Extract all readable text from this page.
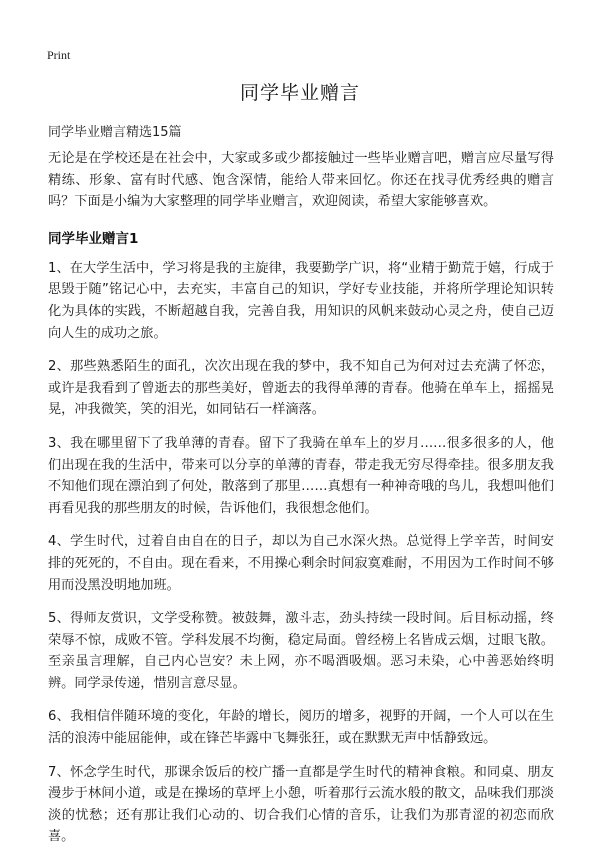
Print
同学毕业赠言
同学毕业赠言精选15篇

无论是在学校还是在社会中，大家或多或少都接触过一些毕业赠言吧，赠言应尽量写得精练、形象、富有时代感、饱含深情，能给人带来回忆。你还在找寻优秀经典的赠言吗？下面是小编为大家整理的同学毕业赠言，欢迎阅读，希望大家能够喜欢。

同学毕业赠言1

1、在大学生活中，学习将是我的主旋律，我要勤学广识，将“业精于勤荒于嬉，行成于思毁于随”铭记心中，去充实，丰富自己的知识，学好专业技能，并将所学理论知识转化为具体的实践，不断超越自我，完善自我，用知识的风帆来鼓动心灵之舟，使自己迈向人生的成功之旅。

2、那些熟悉陌生的面孔，次次出现在我的梦中，我不知自己为何对过去充满了怀恋，或许是我看到了曾逝去的那些美好，曾逝去的我得单薄的青春。他骑在单车上，摇摇晃晃，冲我微笑，笑的泪光，如同钻石一样滴落。

3、我在哪里留下了我单薄的青春。留下了我骑在单车上的岁月……很多很多的人，他们出现在我的生活中，带来可以分享的单薄的青春，带走我无穷尽得牵挂。很多朋友我不知他们现在漂泊到了何处，散落到了那里……真想有一种神奇哦的鸟儿，我想叫他们再看见我的那些朋友的时候，告诉他们，我很想念他们。

4、学生时代，过着自由自在的日子，却以为自己水深火热。总觉得上学辛苦，时间安排的死死的，不自由。现在看来，不用操心剩余时间寂寞难耐，不用因为工作时间不够用而没黑没明地加班。

5、得师友赏识，文学受称赞。被鼓舞，激斗志，劲头持续一段时间。后目标动摇，终荣辱不惊，成败不管。学科发展不均衡，稳定局面。曾经榜上名皆成云烟，过眼飞散。至亲虽言理解，自己内心岂安？未上网，亦不喝酒吸烟。恶习未染，心中善恶始终明辨。同学录传递，惜别言意尽显。

6、我相信伴随环境的变化，年龄的增长，阅历的增多，视野的开阔，一个人可以在生活的浪涛中能屈能伸，或在锋芒毕露中飞舞张狂，或在默默无声中恬静致远。

7、怀念学生时代，那课余饭后的校广播一直都是学生时代的精神食粮。和同桌、朋友漫步于林间小道，或是在操场的草坪上小憩，听着那行云流水般的散文，品味我们那淡淡的忧愁；还有那让我们心动的、切合我们心情的音乐，让我们为那青涩的初恋而欣喜。
